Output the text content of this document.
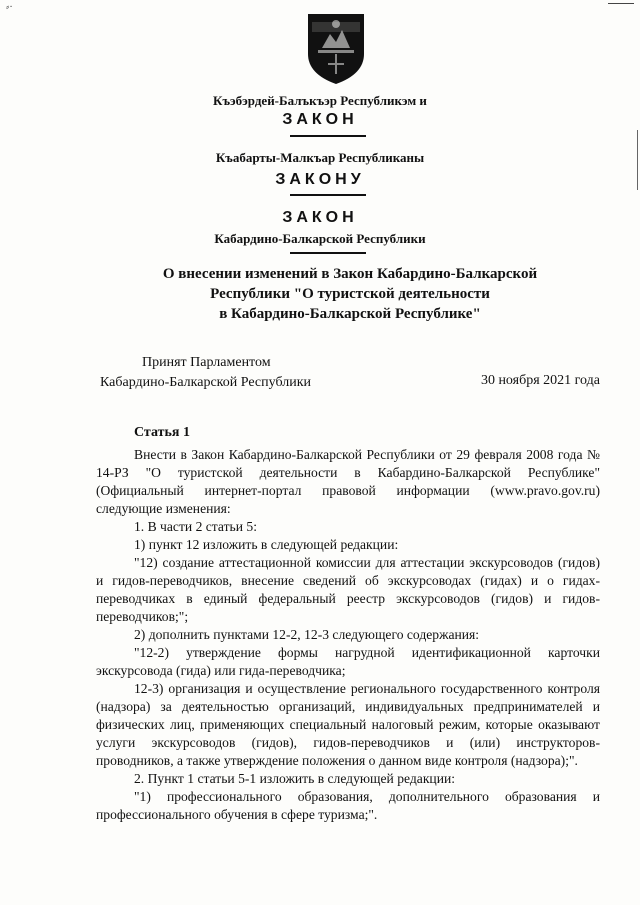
⸗·
Къэбэрдей-Балъкъэр Республикэм и
ЗАКОН
Къабарты-Малкъар Республиканы
ЗАКОНУ
ЗАКОН
Кабардино-Балкарской Республики
О внесении изменений в Закон Кабардино-Балкарской
Республики "О туристской деятельности
в Кабардино-Балкарской Республике"
Принят Парламентом
Кабардино-Балкарской Республики	30 ноября 2021 года
Статья 1

Внести в Закон Кабардино-Балкарской Республики от 29 февраля 2008 года № 14-РЗ "О туристской деятельности в Кабардино-Балкарской Республике" (Официальный интернет-портал правовой информации (www.pravo.gov.ru) следующие изменения:

1. В части 2 статьи 5:

1) пункт 12 изложить в следующей редакции:

"12) создание аттестационной комиссии для аттестации экскурсоводов (гидов) и гидов-переводчиков, внесение сведений об экскурсоводах (гидах) и о гидах-переводчиках в единый федеральный реестр экскурсоводов (гидов) и гидов-переводчиков;";

2) дополнить пунктами 12-2, 12-3 следующего содержания:

"12-2) утверждение формы нагрудной идентификационной карточки экскурсовода (гида) или гида-переводчика;

12-3) организация и осуществление регионального государственного контроля (надзора) за деятельностью организаций, индивидуальных предпринимателей и физических лиц, применяющих специальный налоговый режим, которые оказывают услуги экскурсоводов (гидов), гидов-переводчиков и (или) инструкторов-проводников, а также утверждение положения о данном виде контроля (надзора);".

2. Пункт 1 статьи 5-1 изложить в следующей редакции:

"1) профессионального образования, дополнительного образования и профессионального обучения в сфере туризма;".
